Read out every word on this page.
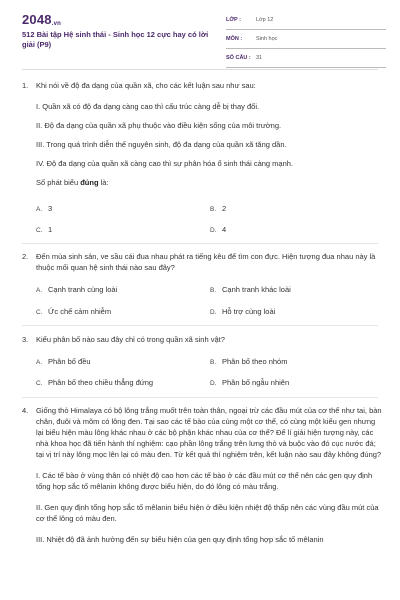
2048.vn
512 Bài tập Hệ sinh thái - Sinh học 12 cực hay có lời giải (P9)
LỚP :	Lớp 12
MÔN :	Sinh học
SỐ CÂU : 31
1. Khi nói về độ đa dạng của quần xã, cho các kết luận sau như sau:
I. Quần xã có độ đa dạng càng cao thì cấu trúc càng dễ bị thay đổi.
II. Độ đa dạng của quần xã phụ thuộc vào điều kiện sống của môi trường.
III. Trong quá trình diễn thế nguyên sinh, độ đa dạng của quần xã tăng dần.
IV. Độ đa dạng của quần xã càng cao thì sự phân hóa ổ sinh thái càng mạnh.
Số phát biểu đúng là:
A. 3	B. 2
C. 1	D. 4
2. Đến mùa sinh sản, ve sầu cái đua nhau phát ra tiếng kêu để tìm con đực. Hiện tượng đua nhau này là thuộc mối quan hệ sinh thái nào sau đây?
A. Cạnh tranh cùng loài	B. Cạnh tranh khác loài
C. Ức chế cảm nhiễm	D. Hỗ trợ cùng loài
3. Kiểu phân bố nào sau đây chỉ có trong quần xã sinh vật?
A. Phân bố đều	B. Phân bố theo nhóm
C. Phân bố theo chiều thẳng đứng	D. Phân bố ngẫu nhiên
4. Giống thỏ Himalaya có bộ lông trắng muốt trên toàn thân, ngoại trừ các đầu mút của cơ thể như tai, bàn chân, đuôi và mõm có lông đen. Tại sao các tế bào của cùng một cơ thể, có cùng một kiểu gen nhưng lại biểu hiện màu lông khác nhau ở các bộ phận khác nhau của cơ thể? Để lí giải hiện tượng này, các nhà khoa học đã tiến hành thí nghiệm: cạo phần lông trắng trên lưng thỏ và buộc vào đó cục nước đá; tại vị trí này lông mọc lên lại có màu đen. Từ kết quả thí nghiệm trên, kết luận nào sau đây không đúng?
I. Các tế bào ở vùng thân có nhiệt độ cao hơn các tế bào ở các đầu mút cơ thể nên các gen quy định tổng hợp sắc tố mêlanin không được biểu hiện, do đó lông có màu trắng.
II. Gen quy định tổng hợp sắc tố mêlanin biểu hiện ở điều kiện nhiệt độ thấp nên các vùng đầu mút của cơ thể lông có màu đen.
III. Nhiệt độ đã ảnh hưởng đến sự biểu hiện của gen quy định tổng hợp sắc tố mêlanin
